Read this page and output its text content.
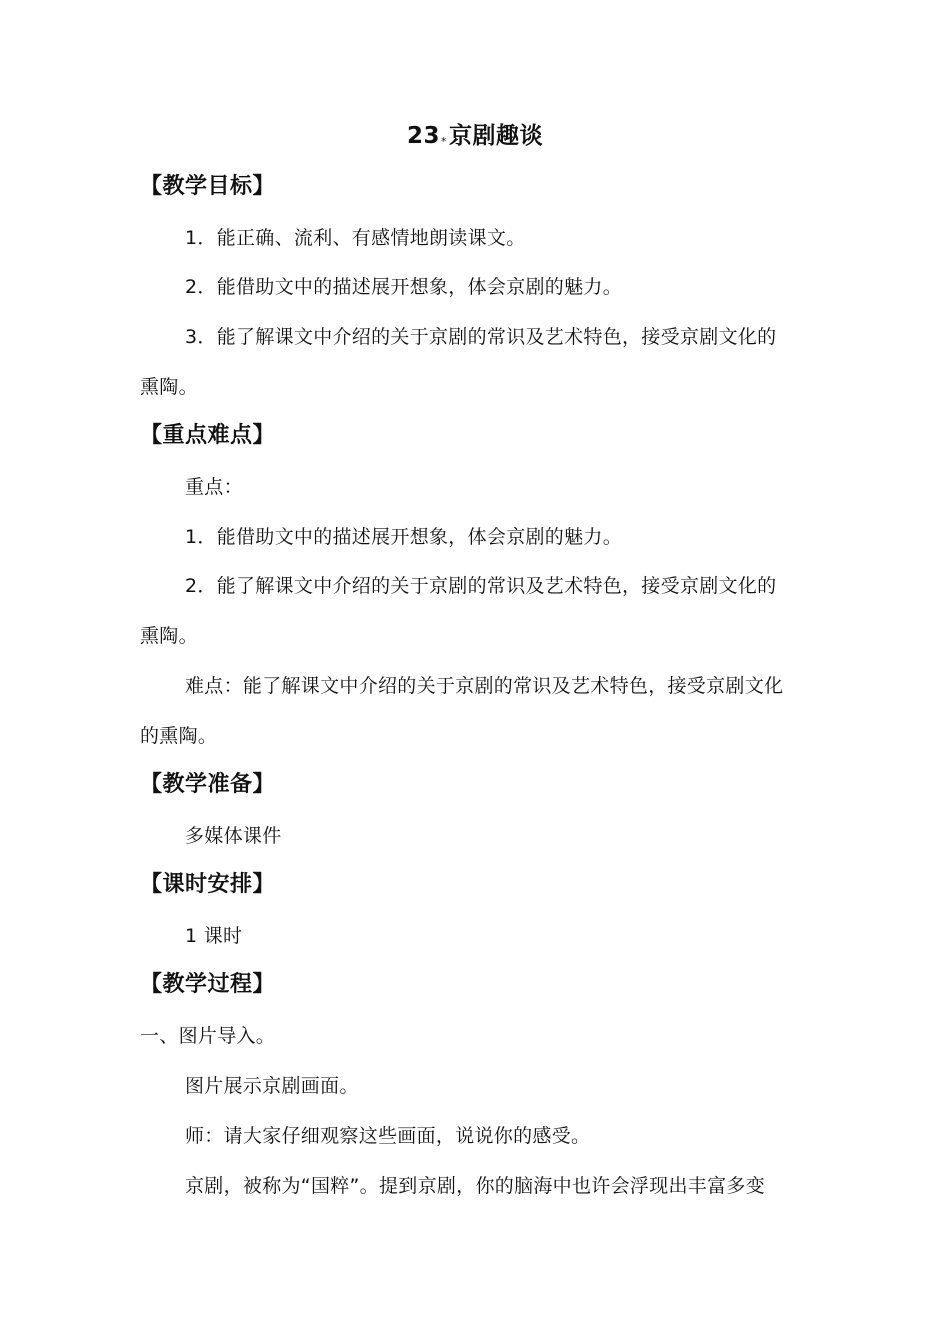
23*京剧趣谈
【教学目标】
1．能正确、流利、有感情地朗读课文。
2．能借助文中的描述展开想象，体会京剧的魅力。
3．能了解课文中介绍的关于京剧的常识及艺术特色，接受京剧文化的
熏陶。
【重点难点】
重点：
1．能借助文中的描述展开想象，体会京剧的魅力。
2．能了解课文中介绍的关于京剧的常识及艺术特色，接受京剧文化的
熏陶。
难点：能了解课文中介绍的关于京剧的常识及艺术特色，接受京剧文化
的熏陶。
【教学准备】
多媒体课件
【课时安排】
1 课时
【教学过程】
一、图片导入。
图片展示京剧画面。
师：请大家仔细观察这些画面，说说你的感受。
京剧，被称为“国粹”。提到京剧，你的脑海中也许会浮现出丰富多变
